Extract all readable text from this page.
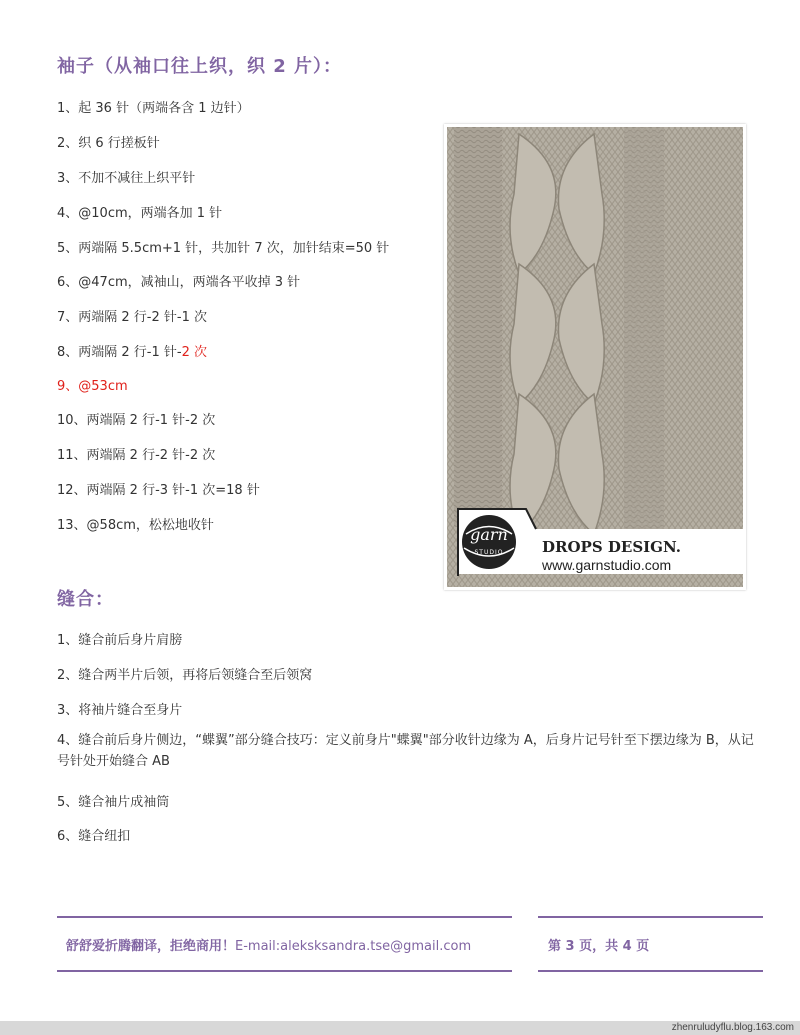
袖子（从袖口往上织，织 2 片）：
1、起 36 针（两端各含 1 边针）
2、织 6 行搓板针
3、不加不减往上织平针
4、@10cm，两端各加 1 针
5、两端隔 5.5cm+1 针，共加针 7 次，加针结束=50 针
6、@47cm，减袖山，两端各平收掉 3 针
7、两端隔 2 行-2 针-1 次
8、两端隔 2 行-1 针-2 次
9、@53cm
10、两端隔 2 行-1 针-2 次
11、两端隔 2 行-2 针-2 次
12、两端隔 2 行-3 针-1 次=18 针
13、@58cm，松松地收针	garn
STUDIO	DROPS DESIGN.
www.garnstudio.com
缝合：
1、缝合前后身片肩膀
2、缝合两半片后领，再将后领缝合至后领窝
3、将袖片缝合至身片
4、缝合前后身片侧边，“蝶翼”部分缝合技巧：定义前身片"蝶翼"部分收针边缘为 A，后身片记号针至下摆边缘为 B，从记号针处开始缝合 AB
5、缝合袖片成袖筒
6、缝合纽扣
舒舒爱折腾翻译，拒绝商用！E-mail:aleksksandra.tse@gmail.com	第 3 页，共 4 页
zhenruludyflu.blog.163.com
